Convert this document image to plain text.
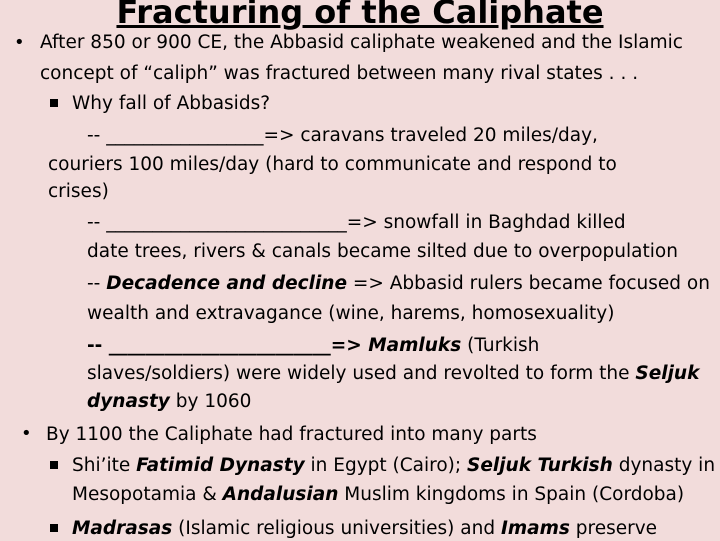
Fracturing of the Caliphate
• After 850 or 900 CE, the Abbasid caliphate weakened and the Islamic
concept of “caliph” was fractured between many rival states . . .
Why fall of Abbasids?
-- _________________=> caravans traveled 20 miles/day,
couriers 100 miles/day (hard to communicate and respond to
crises)
-- __________________________=> snowfall in Baghdad killed
date trees, rivers & canals became silted due to overpopulation
-- Decadence and decline => Abbasid rulers became focused on
wealth and extravagance (wine, harems, homosexuality)
-- ________________________=> Mamluks (Turkish
slaves/soldiers) were widely used and revolted to form the Seljuk
dynasty by 1060
• By 1100 the Caliphate had fractured into many parts
Shi’ite Fatimid Dynasty in Egypt (Cairo); Seljuk Turkish dynasty in
Mesopotamia & Andalusian Muslim kingdoms in Spain (Cordoba)
Madrasas (Islamic religious universities) and Imams preserve
